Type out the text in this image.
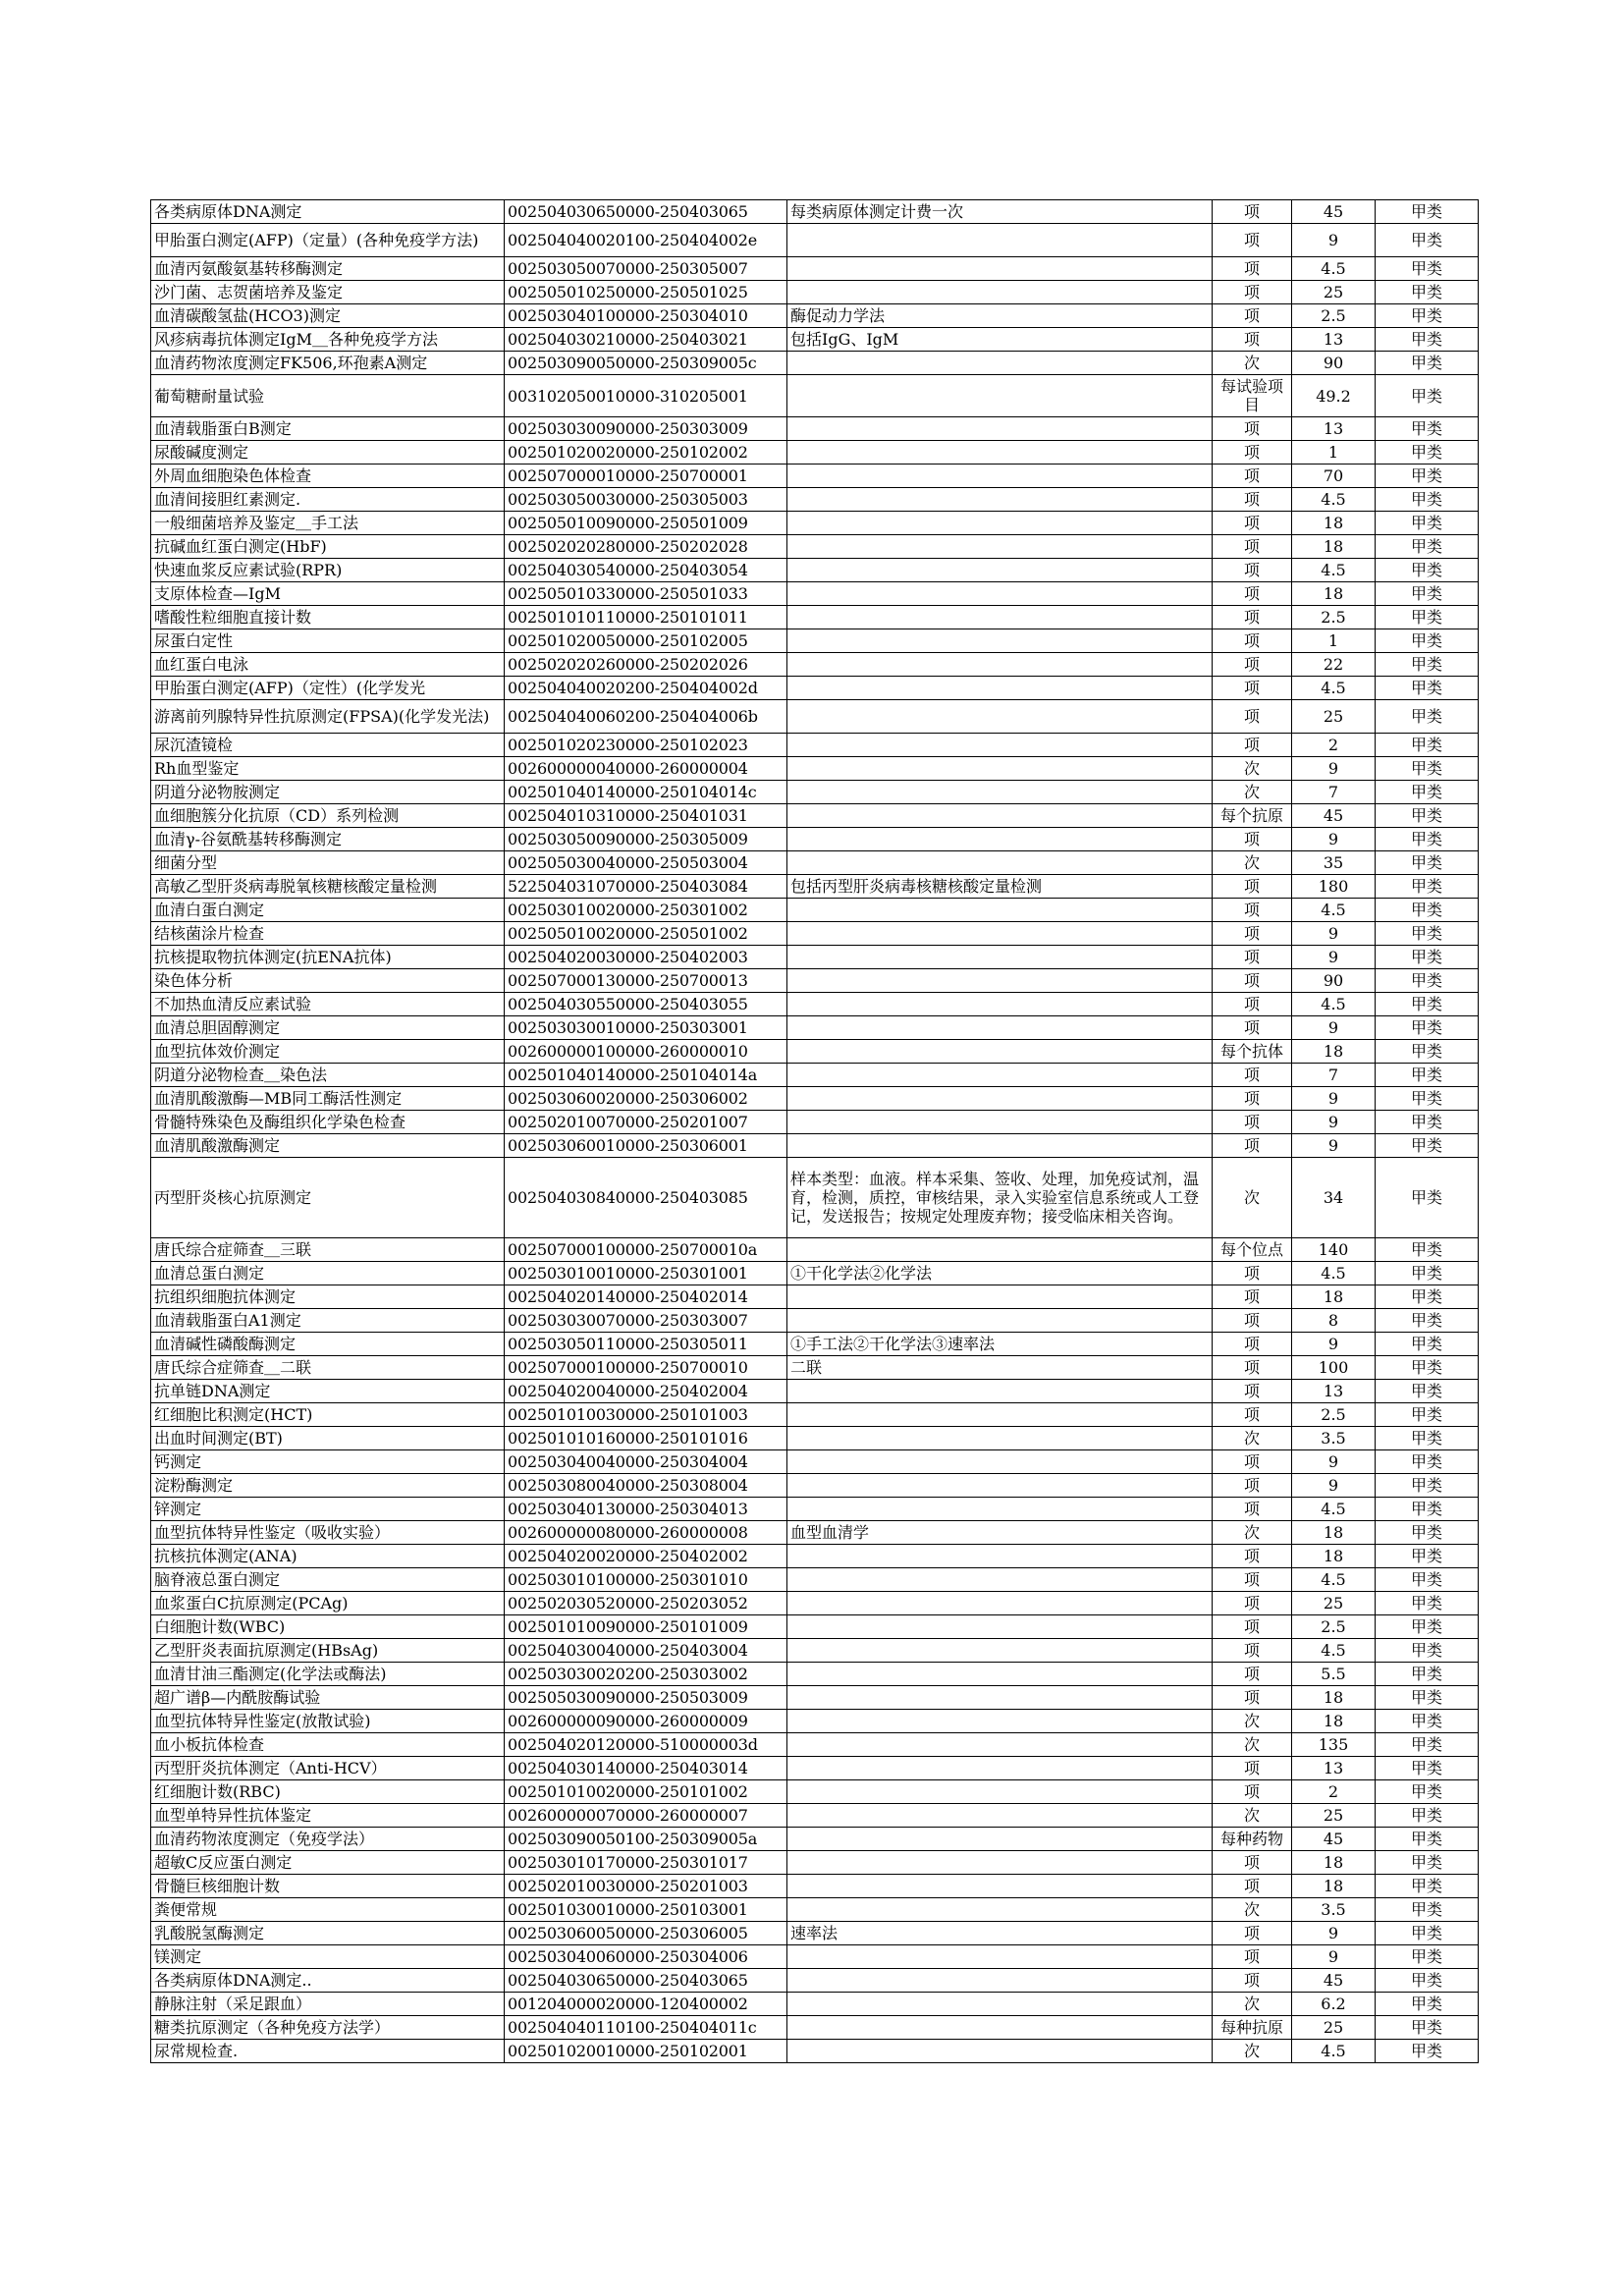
各类病原体DNA测定	002504030650000-250403065	每类病原体测定计费一次	项	45	甲类
甲胎蛋白测定(AFP)（定量）(各种免疫学方法)	002504040020100-250404002e		项	9	甲类
血清丙氨酸氨基转移酶测定	002503050070000-250305007		项	4.5	甲类
沙门菌、志贺菌培养及鉴定	002505010250000-250501025		项	25	甲类
血清碳酸氢盐(HCO3)测定	002503040100000-250304010	酶促动力学法	项	2.5	甲类
风疹病毒抗体测定IgM＿各种免疫学方法	002504030210000-250403021	包括IgG、IgM	项	13	甲类
血清药物浓度测定FK506,环孢素A测定	002503090050000-250309005c		次	90	甲类
葡萄糖耐量试验	003102050010000-310205001		每试验项目	49.2	甲类
血清载脂蛋白B测定	002503030090000-250303009		项	13	甲类
尿酸碱度测定	002501020020000-250102002		项	1	甲类
外周血细胞染色体检查	002507000010000-250700001		项	70	甲类
血清间接胆红素测定.	002503050030000-250305003		项	4.5	甲类
一般细菌培养及鉴定＿手工法	002505010090000-250501009		项	18	甲类
抗碱血红蛋白测定(HbF)	002502020280000-250202028		项	18	甲类
快速血浆反应素试验(RPR)	002504030540000-250403054		项	4.5	甲类
支原体检查—IgM	002505010330000-250501033		项	18	甲类
嗜酸性粒细胞直接计数	002501010110000-250101011		项	2.5	甲类
尿蛋白定性	002501020050000-250102005		项	1	甲类
血红蛋白电泳	002502020260000-250202026		项	22	甲类
甲胎蛋白测定(AFP)（定性）(化学发光	002504040020200-250404002d		项	4.5	甲类
游离前列腺特异性抗原测定(FPSA)(化学发光法)	002504040060200-250404006b		项	25	甲类
尿沉渣镜检	002501020230000-250102023		项	2	甲类
Rh血型鉴定	002600000040000-260000004		次	9	甲类
阴道分泌物胺测定	002501040140000-250104014c		次	7	甲类
血细胞簇分化抗原（CD）系列检测	002504010310000-250401031		每个抗原	45	甲类
血清γ-谷氨酰基转移酶测定	002503050090000-250305009		项	9	甲类
细菌分型	002505030040000-250503004		次	35	甲类
高敏乙型肝炎病毒脱氧核糖核酸定量检测	522504031070000-250403084	包括丙型肝炎病毒核糖核酸定量检测	项	180	甲类
血清白蛋白测定	002503010020000-250301002		项	4.5	甲类
结核菌涂片检查	002505010020000-250501002		项	9	甲类
抗核提取物抗体测定(抗ENA抗体)	002504020030000-250402003		项	9	甲类
染色体分析	002507000130000-250700013		项	90	甲类
不加热血清反应素试验	002504030550000-250403055		项	4.5	甲类
血清总胆固醇测定	002503030010000-250303001		项	9	甲类
血型抗体效价测定	002600000100000-260000010		每个抗体	18	甲类
阴道分泌物检查＿染色法	002501040140000-250104014a		项	7	甲类
血清肌酸激酶—MB同工酶活性测定	002503060020000-250306002		项	9	甲类
骨髓特殊染色及酶组织化学染色检查	002502010070000-250201007		项	9	甲类
血清肌酸激酶测定	002503060010000-250306001		项	9	甲类
丙型肝炎核心抗原测定	002504030840000-250403085	样本类型：血液。样本采集、签收、处理，加免疫试剂，温育，检测，质控，审核结果，录入实验室信息系统或人工登记，发送报告；按规定处理废弃物；接受临床相关咨询。	次	34	甲类
唐氏综合症筛查＿三联	002507000100000-250700010a		每个位点	140	甲类
血清总蛋白测定	002503010010000-250301001	①干化学法②化学法	项	4.5	甲类
抗组织细胞抗体测定	002504020140000-250402014		项	18	甲类
血清载脂蛋白A1测定	002503030070000-250303007		项	8	甲类
血清碱性磷酸酶测定	002503050110000-250305011	①手工法②干化学法③速率法	项	9	甲类
唐氏综合症筛查＿二联	002507000100000-250700010	二联	项	100	甲类
抗单链DNA测定	002504020040000-250402004		项	13	甲类
红细胞比积测定(HCT)	002501010030000-250101003		项	2.5	甲类
出血时间测定(BT)	002501010160000-250101016		次	3.5	甲类
钙测定	002503040040000-250304004		项	9	甲类
淀粉酶测定	002503080040000-250308004		项	9	甲类
锌测定	002503040130000-250304013		项	4.5	甲类
血型抗体特异性鉴定（吸收实验）	002600000080000-260000008	血型血清学	次	18	甲类
抗核抗体测定(ANA)	002504020020000-250402002		项	18	甲类
脑脊液总蛋白测定	002503010100000-250301010		项	4.5	甲类
血浆蛋白C抗原测定(PCAg)	002502030520000-250203052		项	25	甲类
白细胞计数(WBC)	002501010090000-250101009		项	2.5	甲类
乙型肝炎表面抗原测定(HBsAg)	002504030040000-250403004		项	4.5	甲类
血清甘油三酯测定(化学法或酶法)	002503030020200-250303002		项	5.5	甲类
超广谱β—内酰胺酶试验	002505030090000-250503009		项	18	甲类
血型抗体特异性鉴定(放散试验)	002600000090000-260000009		次	18	甲类
血小板抗体检查	002504020120000-510000003d		次	135	甲类
丙型肝炎抗体测定（Anti-HCV）	002504030140000-250403014		项	13	甲类
红细胞计数(RBC)	002501010020000-250101002		项	2	甲类
血型单特异性抗体鉴定	002600000070000-260000007		次	25	甲类
血清药物浓度测定（免疫学法）	002503090050100-250309005a		每种药物	45	甲类
超敏C反应蛋白测定	002503010170000-250301017		项	18	甲类
骨髓巨核细胞计数	002502010030000-250201003		项	18	甲类
粪便常规	002501030010000-250103001		次	3.5	甲类
乳酸脱氢酶测定	002503060050000-250306005	速率法	项	9	甲类
镁测定	002503040060000-250304006		项	9	甲类
各类病原体DNA测定..	002504030650000-250403065		项	45	甲类
静脉注射（采足跟血）	001204000020000-120400002		次	6.2	甲类
糖类抗原测定（各种免疫方法学）	002504040110100-250404011c		每种抗原	25	甲类
尿常规检查.	002501020010000-250102001		次	4.5	甲类
